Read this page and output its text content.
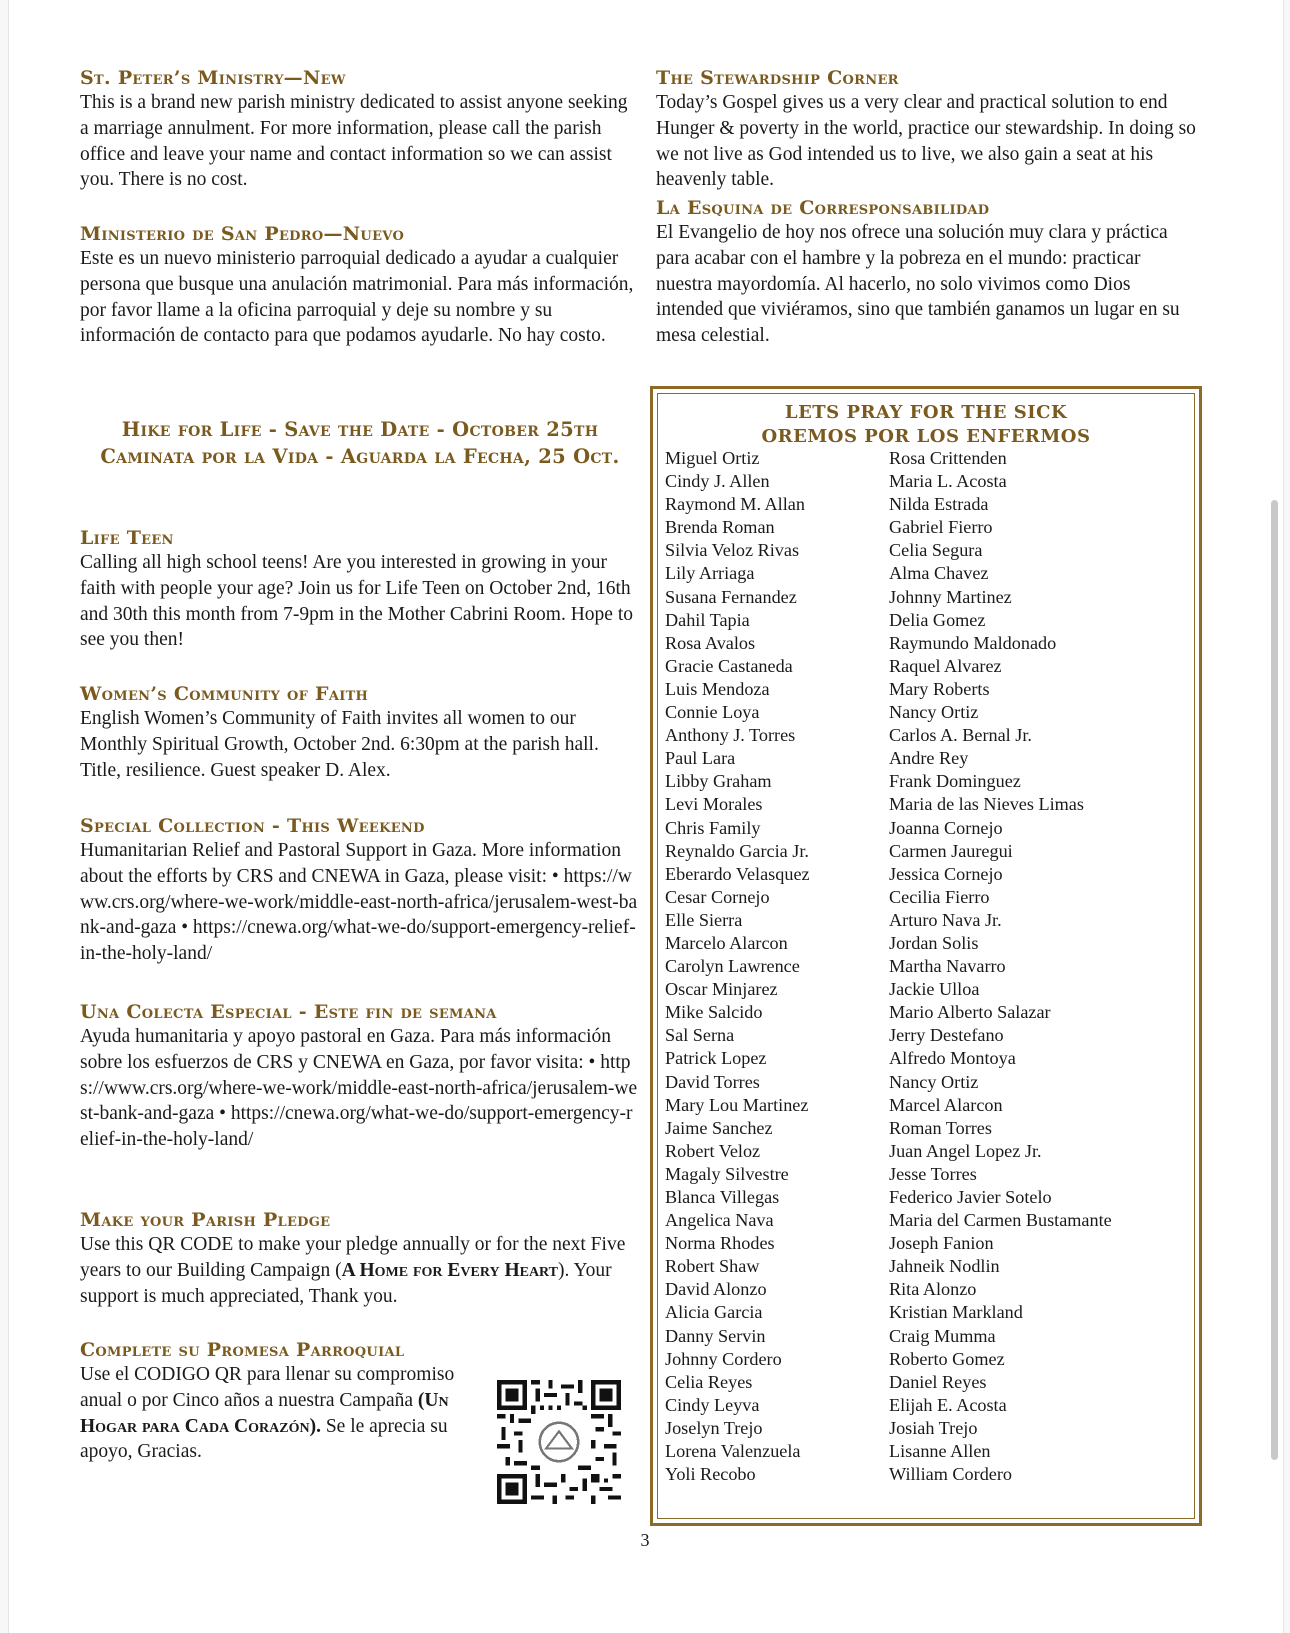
St. Peter’s Ministry—New
This is a brand new parish ministry dedicated to assist anyone seeking a marriage annulment. For more information, please call the parish office and leave your name and contact information so we can assist you. There is no cost.
Ministerio de San Pedro—Nuevo
Este es un nuevo ministerio parroquial dedicado a ayudar a cualquier persona que busque una anulación matrimonial. Para más información, por favor llame a la oficina parroquial y deje su nombre y su información de contacto para que podamos ayudarle. No hay costo.
Hike for Life - Save the Date - October 25th
Caminata por la Vida - Aguarda la Fecha, 25 Oct.
Life Teen
Calling all high school teens! Are you interested in growing in your faith with people your age? Join us for Life Teen on October 2nd, 16th and 30th this month from 7-9pm in the Mother Cabrini Room. Hope to see you then!
Women’s Community of Faith
English Women’s Community of Faith invites all women to our Monthly Spiritual Growth, October 2nd. 6:30pm at the parish hall. Title, resilience. Guest speaker D. Alex.
Special Collection - This Weekend
Humanitarian Relief and Pastoral Support in Gaza. More information about the efforts by CRS and CNEWA in Gaza, please visit: • https://www.crs.org/where-we-work/middle-east-north-africa/jerusalem-west-bank-and-gaza • https://cnewa.org/what-we-do/support-emergency-relief-in-the-holy-land/
Una Colecta Especial - Este fin de semana
Ayuda humanitaria y apoyo pastoral en Gaza. Para más información sobre los esfuerzos de CRS y CNEWA en Gaza, por favor visita: • https://www.crs.org/where-we-work/middle-east-north-africa/jerusalem-west-bank-and-gaza • https://cnewa.org/what-we-do/support-emergency-relief-in-the-holy-land/
Make your Parish Pledge
Use this QR CODE to make your pledge annually or for the next Five years to our Building Campaign (A Home for Every Heart). Your support is much appreciated, Thank you.
Complete su Promesa Parroquial
Use el CODIGO QR para llenar su compromiso anual o por Cinco años a nuestra Campaña (Un Hogar para Cada Corazón). Se le aprecia su apoyo, Gracias.
The Stewardship Corner
Today’s Gospel gives us a very clear and practical solution to end Hunger & poverty in the world, practice our stewardship. In doing so we not live as God intended us to live, we also gain a seat at his heavenly table.
La Esquina de Corresponsabilidad
El Evangelio de hoy nos ofrece una solución muy clara y práctica para acabar con el hambre y la pobreza en el mundo: practicar nuestra mayordomía. Al hacerlo, no solo vivimos como Dios intended que viviéramos, sino que también ganamos un lugar en su mesa celestial.
LETS PRAY FOR THE SICK
OREMOS POR LOS ENFERMOS
Miguel Ortiz
Cindy J. Allen
Raymond M. Allan
Brenda Roman
Silvia Veloz Rivas
Lily Arriaga
Susana Fernandez
Dahil Tapia
Rosa Avalos
Gracie Castaneda
Luis Mendoza
Connie Loya
Anthony J. Torres
Paul Lara
Libby Graham
Levi Morales
Chris Family
Reynaldo Garcia Jr.
Eberardo Velasquez
Cesar Cornejo
Elle Sierra
Marcelo Alarcon
Carolyn Lawrence
Oscar Minjarez
Mike Salcido
Sal Serna
Patrick Lopez
David Torres
Mary Lou Martinez
Jaime Sanchez
Robert Veloz
Magaly Silvestre
Blanca Villegas
Angelica Nava
Norma Rhodes
Robert Shaw
David Alonzo
Alicia Garcia
Danny Servin
Johnny Cordero
Celia Reyes
Cindy Leyva
Joselyn Trejo
Lorena Valenzuela
Yoli Recobo
Rosa Crittenden
Maria L. Acosta
Nilda Estrada
Gabriel Fierro
Celia Segura
Alma Chavez
Johnny Martinez
Delia Gomez
Raymundo Maldonado
Raquel Alvarez
Mary Roberts
Nancy Ortiz
Carlos A. Bernal Jr.
Andre Rey
Frank Dominguez
Maria de las Nieves Limas
Joanna Cornejo
Carmen Jauregui
Jessica Cornejo
Cecilia Fierro
Arturo Nava Jr.
Jordan Solis
Martha Navarro
Jackie Ulloa
Mario Alberto Salazar
Jerry Destefano
Alfredo Montoya
Nancy Ortiz
Marcel Alarcon
Roman Torres
Juan Angel Lopez Jr.
Jesse Torres
Federico Javier Sotelo
Maria del Carmen Bustamante
Joseph Fanion
Jahneik Nodlin
Rita Alonzo
Kristian Markland
Craig Mumma
Roberto Gomez
Daniel Reyes
Elijah E. Acosta
Josiah Trejo
Lisanne Allen
William Cordero
3
